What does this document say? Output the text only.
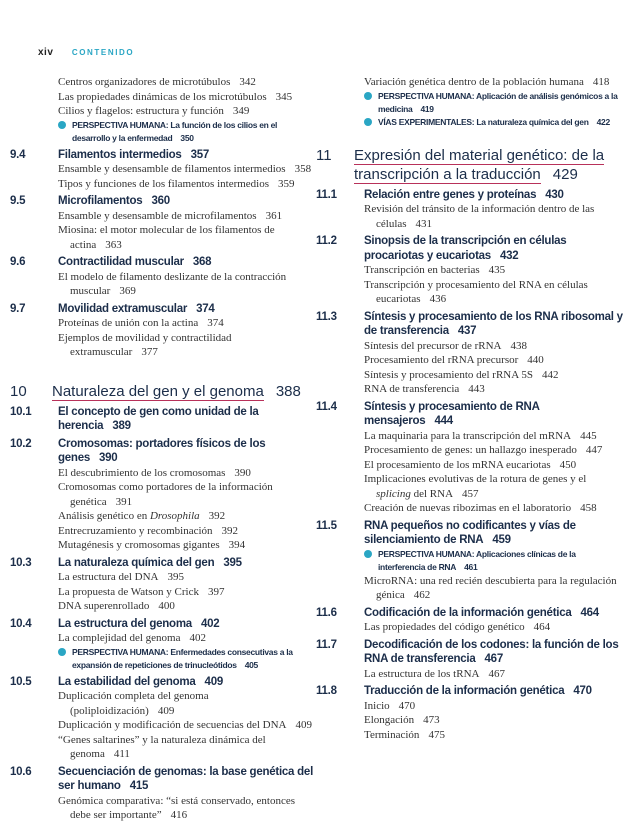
xiv CONTENIDO
Centros organizadores de microtúbulos 342
Las propiedades dinámicas de los microtúbulos 345
Cilios y flagelos: estructura y función 349
PERSPECTIVA HUMANA: La función de los cilios en el desarrollo y la enfermedad 350
9.4	Filamentos intermedios 357
Ensamble y desensamble de filamentos intermedios 358
Tipos y funciones de los filamentos intermedios 359
9.5	Microfilamentos 360
Ensamble y desensamble de microfilamentos 361
Miosina: el motor molecular de los filamentos de actina 363
9.6	Contractilidad muscular 368
El modelo de filamento deslizante de la contracción muscular 369
9.7	Movilidad extramuscular 374
Proteínas de unión con la actina 374
Ejemplos de movilidad y contractilidad extramuscular 377
10	Naturaleza del gen y el genoma 388
10.1	El concepto de gen como unidad de la herencia 389
10.2	Cromosomas: portadores físicos de los genes 390
El descubrimiento de los cromosomas 390
Cromosomas como portadores de la información genética 391
Análisis genético en Drosophila 392
Entrecruzamiento y recombinación 392
Mutagénesis y cromosomas gigantes 394
10.3	La naturaleza química del gen 395
La estructura del DNA 395
La propuesta de Watson y Crick 397
DNA superenrollado 400
10.4	La estructura del genoma 402
La complejidad del genoma 402
PERSPECTIVA HUMANA: Enfermedades consecutivas a la expansión de repeticiones de trinucleótidos 405
10.5	La estabilidad del genoma 409
Duplicación completa del genoma (poliploidización) 409
Duplicación y modificación de secuencias del DNA 409
“Genes saltarines” y la naturaleza dinámica del genoma 411
10.6	Secuenciación de genomas: la base genética del ser humano 415
Genómica comparativa: “si está conservado, entonces debe ser importante” 416
Variación genética dentro de la población humana 418
PERSPECTIVA HUMANA: Aplicación de análisis genómicos a la medicina 419
VÍAS EXPERIMENTALES: La naturaleza química del gen 422
11	Expresión del material genético: de la transcripción a la traducción 429
11.1	Relación entre genes y proteínas 430
Revisión del tránsito de la información dentro de las células 431
11.2	Sinopsis de la transcripción en células procariotas y eucariotas 432
Transcripción en bacterias 435
Transcripción y procesamiento del RNA en células eucariotas 436
11.3	Síntesis y procesamiento de los RNA ribosomal y de transferencia 437
Síntesis del precursor de rRNA 438
Procesamiento del rRNA precursor 440
Síntesis y procesamiento del rRNA 5S 442
RNA de transferencia 443
11.4	Síntesis y procesamiento de RNA mensajeros 444
La maquinaria para la transcripción del mRNA 445
Procesamiento de genes: un hallazgo inesperado 447
El procesamiento de los mRNA eucariotas 450
Implicaciones evolutivas de la rotura de genes y el splicing del RNA 457
Creación de nuevas ribozimas en el laboratorio 458
11.5	RNA pequeños no codificantes y vías de silenciamiento de RNA 459
PERSPECTIVA HUMANA: Aplicaciones clínicas de la interferencia de RNA 461
MicroRNA: una red recién descubierta para la regulación génica 462
11.6	Codificación de la información genética 464
Las propiedades del código genético 464
11.7	Decodificación de los codones: la función de los RNA de transferencia 467
La estructura de los tRNA 467
11.8	Traducción de la información genética 470
Inicio 470
Elongación 473
Terminación 475
